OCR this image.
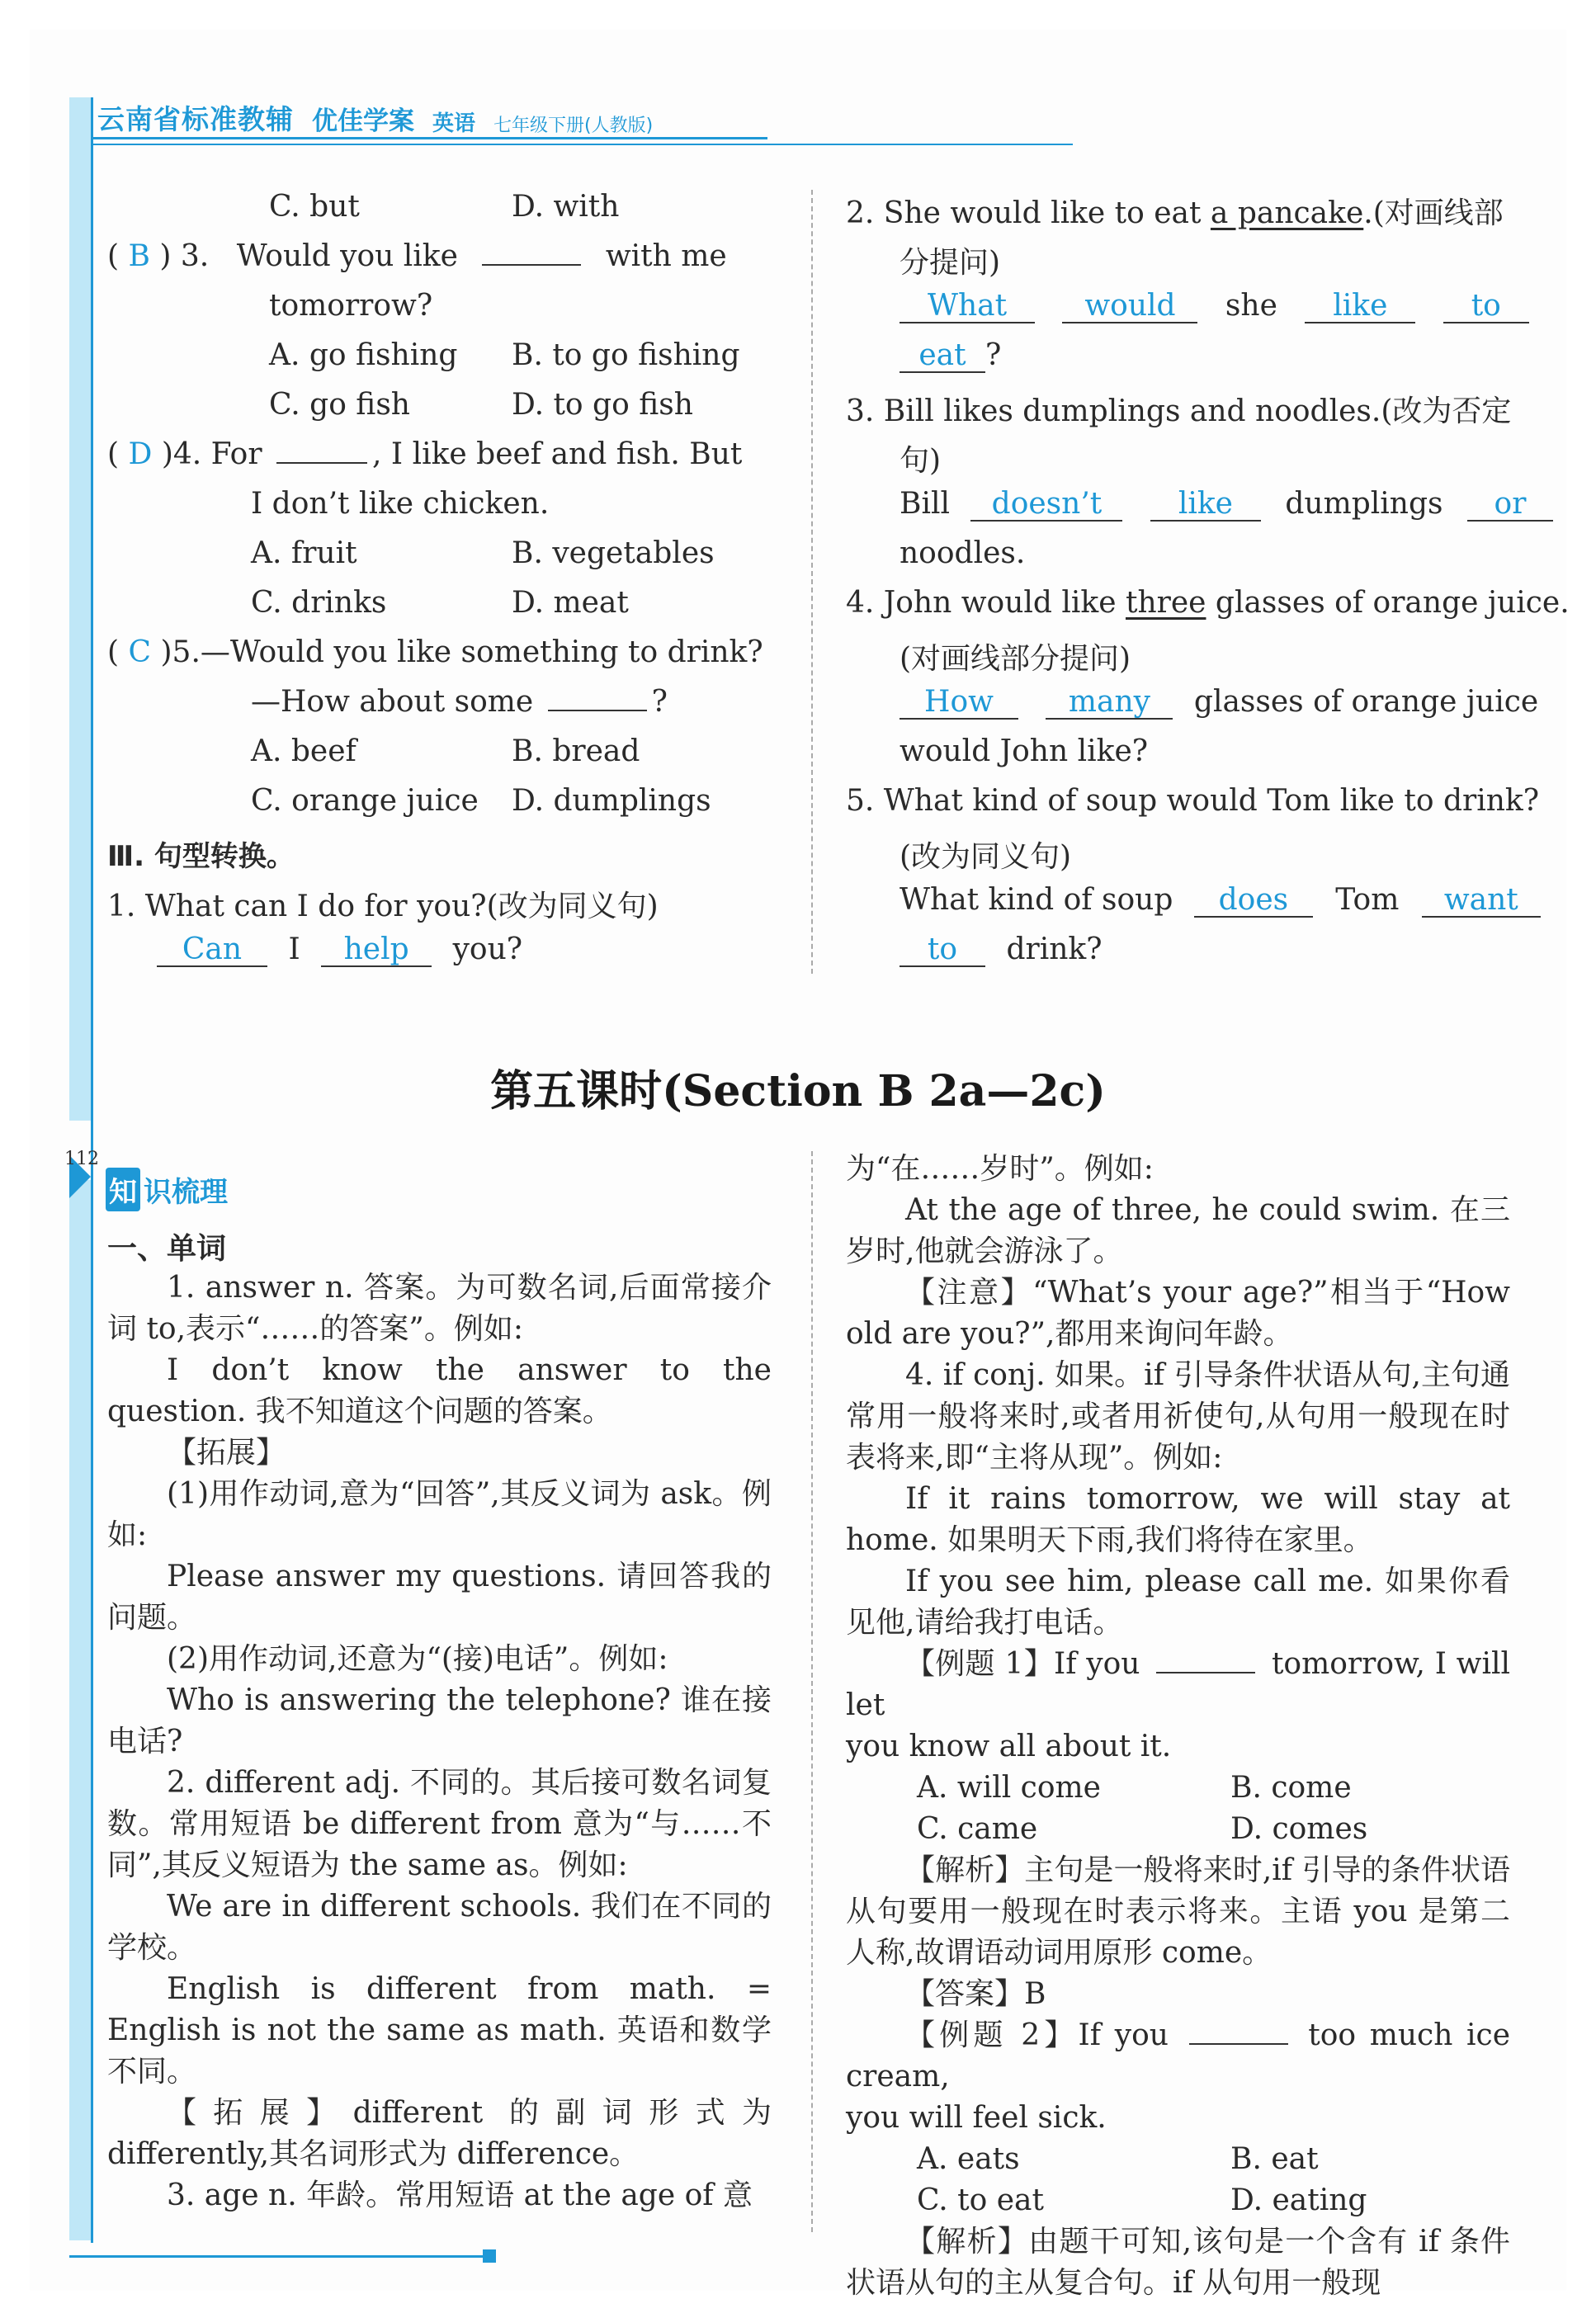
云南省标准教辅 优佳学案 英语 七年级下册(人教版)
C. but	D. with
( B ) 3. Would you like	with me
tomorrow?
A. go fishing B. to go fishing
C. go fish	D. to go fish
( D )4. For	, I like beef and fish. But
I don’t like chicken.
A. fruit	B. vegetables
C. drinks	D. meat
( C )5.—Would you like something to drink?
—How about some	?
A. beef	B. bread
C. orange juice D. dumplings
Ⅲ. 句型转换。
1. What can I do for you?(改为同义句)
Can I help you?
2. She would like to eat a pancake.(对画线部
分提问)
What	would she like	to
eat ?
3. Bill likes dumplings and noodles.(改为否定
句)
Bill doesn’t	like dumplings or
noodles.
4. John would like three glasses of orange juice.
(对画线部分提问)
How	many glasses of orange juice
would John like?
5. What kind of soup would Tom like to drink?
(改为同义句)
What kind of soup does Tom want
to drink?
第五课时(Section B 2a—2c)
112
知 识梳理
一、单词

1. answer n. 答案。为可数名词,后面常接介词 to,表示“……的答案”。例如:

I don’t know the answer to the question. 我不知道这个问题的答案。

【拓展】

(1)用作动词,意为“回答”,其反义词为 ask。例如:

Please answer my questions. 请回答我的问题。

(2)用作动词,还意为“(接)电话”。例如:

Who is answering the telephone? 谁在接电话?

2. different adj. 不同的。其后接可数名词复数。常用短语 be different from 意为“与……不同”,其反义短语为 the same as。例如:

We are in different schools. 我们在不同的学校。

English is different from math. = English is not the same as math. 英语和数学不同。

【拓展】different 的副词形式为 differently,其名词形式为 difference。

3. age n. 年龄。常用短语 at the age of 意

为“在……岁时”。例如:

At the age of three, he could swim. 在三岁时,他就会游泳了。

【注意】“What’s your age?”相当于“How old are you?”,都用来询问年龄。

4. if conj. 如果。if 引导条件状语从句,主句通常用一般将来时,或者用祈使句,从句用一般现在时表将来,即“主将从现”。例如:

If it rains tomorrow, we will stay at home. 如果明天下雨,我们将待在家里。

If you see him, please call me. 如果你看见他,请给我打电话。

【例题 1】If you	tomorrow, I will let

you know all about it.

A. will come	B. come

C. came	D. comes

【解析】主句是一般将来时,if 引导的条件状语从句要用一般现在时表示将来。主语 you 是第二人称,故谓语动词用原形 come。

【答案】B

【例题 2】If you	too much ice cream,

you will feel sick.

A. eats	B. eat

C. to eat	D. eating

【解析】由题干可知,该句是一个含有 if 条件状语从句的主从复合句。if 从句用一般现
